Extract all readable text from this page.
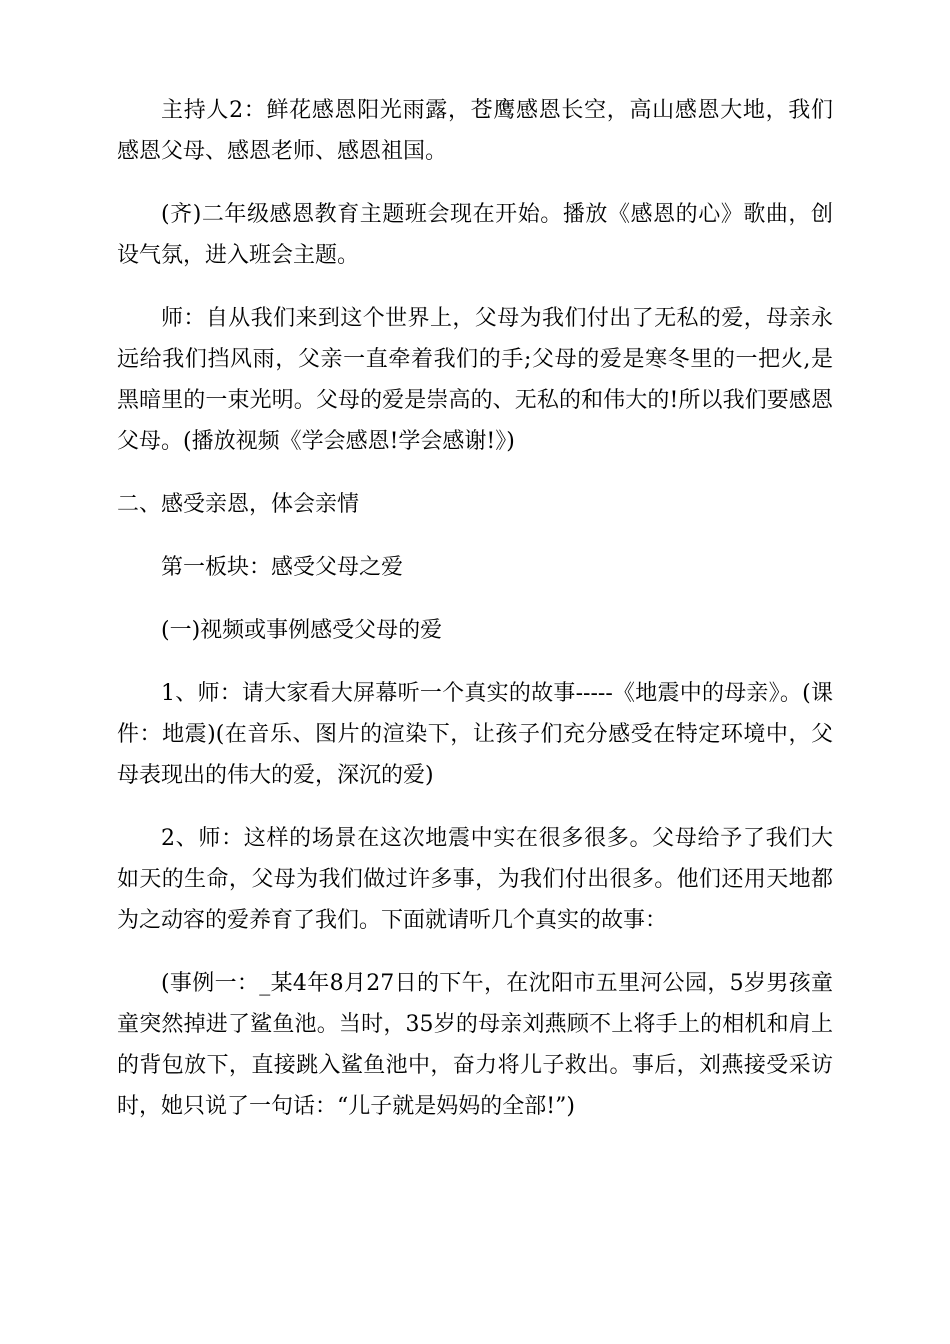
主持人2：鲜花感恩阳光雨露，苍鹰感恩长空，高山感恩大地，我们感恩父母、感恩老师、感恩祖国。

(齐)二年级感恩教育主题班会现在开始。播放《感恩的心》歌曲，创设气氛，进入班会主题。

师：自从我们来到这个世界上，父母为我们付出了无私的爱，母亲永远给我们挡风雨，父亲一直牵着我们的手;父母的爱是寒冬里的一把火,是黑暗里的一束光明。父母的爱是崇高的、无私的和伟大的!所以我们要感恩父母。(播放视频《学会感恩!学会感谢!》)

二、感受亲恩，体会亲情

第一板块：感受父母之爱

(一)视频或事例感受父母的爱

1、师：请大家看大屏幕听一个真实的故事-----《地震中的母亲》。(课件：地震)(在音乐、图片的渲染下，让孩子们充分感受在特定环境中，父母表现出的伟大的爱，深沉的爱)

2、师：这样的场景在这次地震中实在很多很多。父母给予了我们大如天的生命，父母为我们做过许多事，为我们付出很多。他们还用天地都为之动容的爱养育了我们。下面就请听几个真实的故事：

(事例一：_某4年8月27日的下午，在沈阳市五里河公园，5岁男孩童童突然掉进了鲨鱼池。当时，35岁的母亲刘燕顾不上将手上的相机和肩上的背包放下，直接跳入鲨鱼池中，奋力将儿子救出。事后，刘燕接受采访时，她只说了一句话：“儿子就是妈妈的全部!”)
